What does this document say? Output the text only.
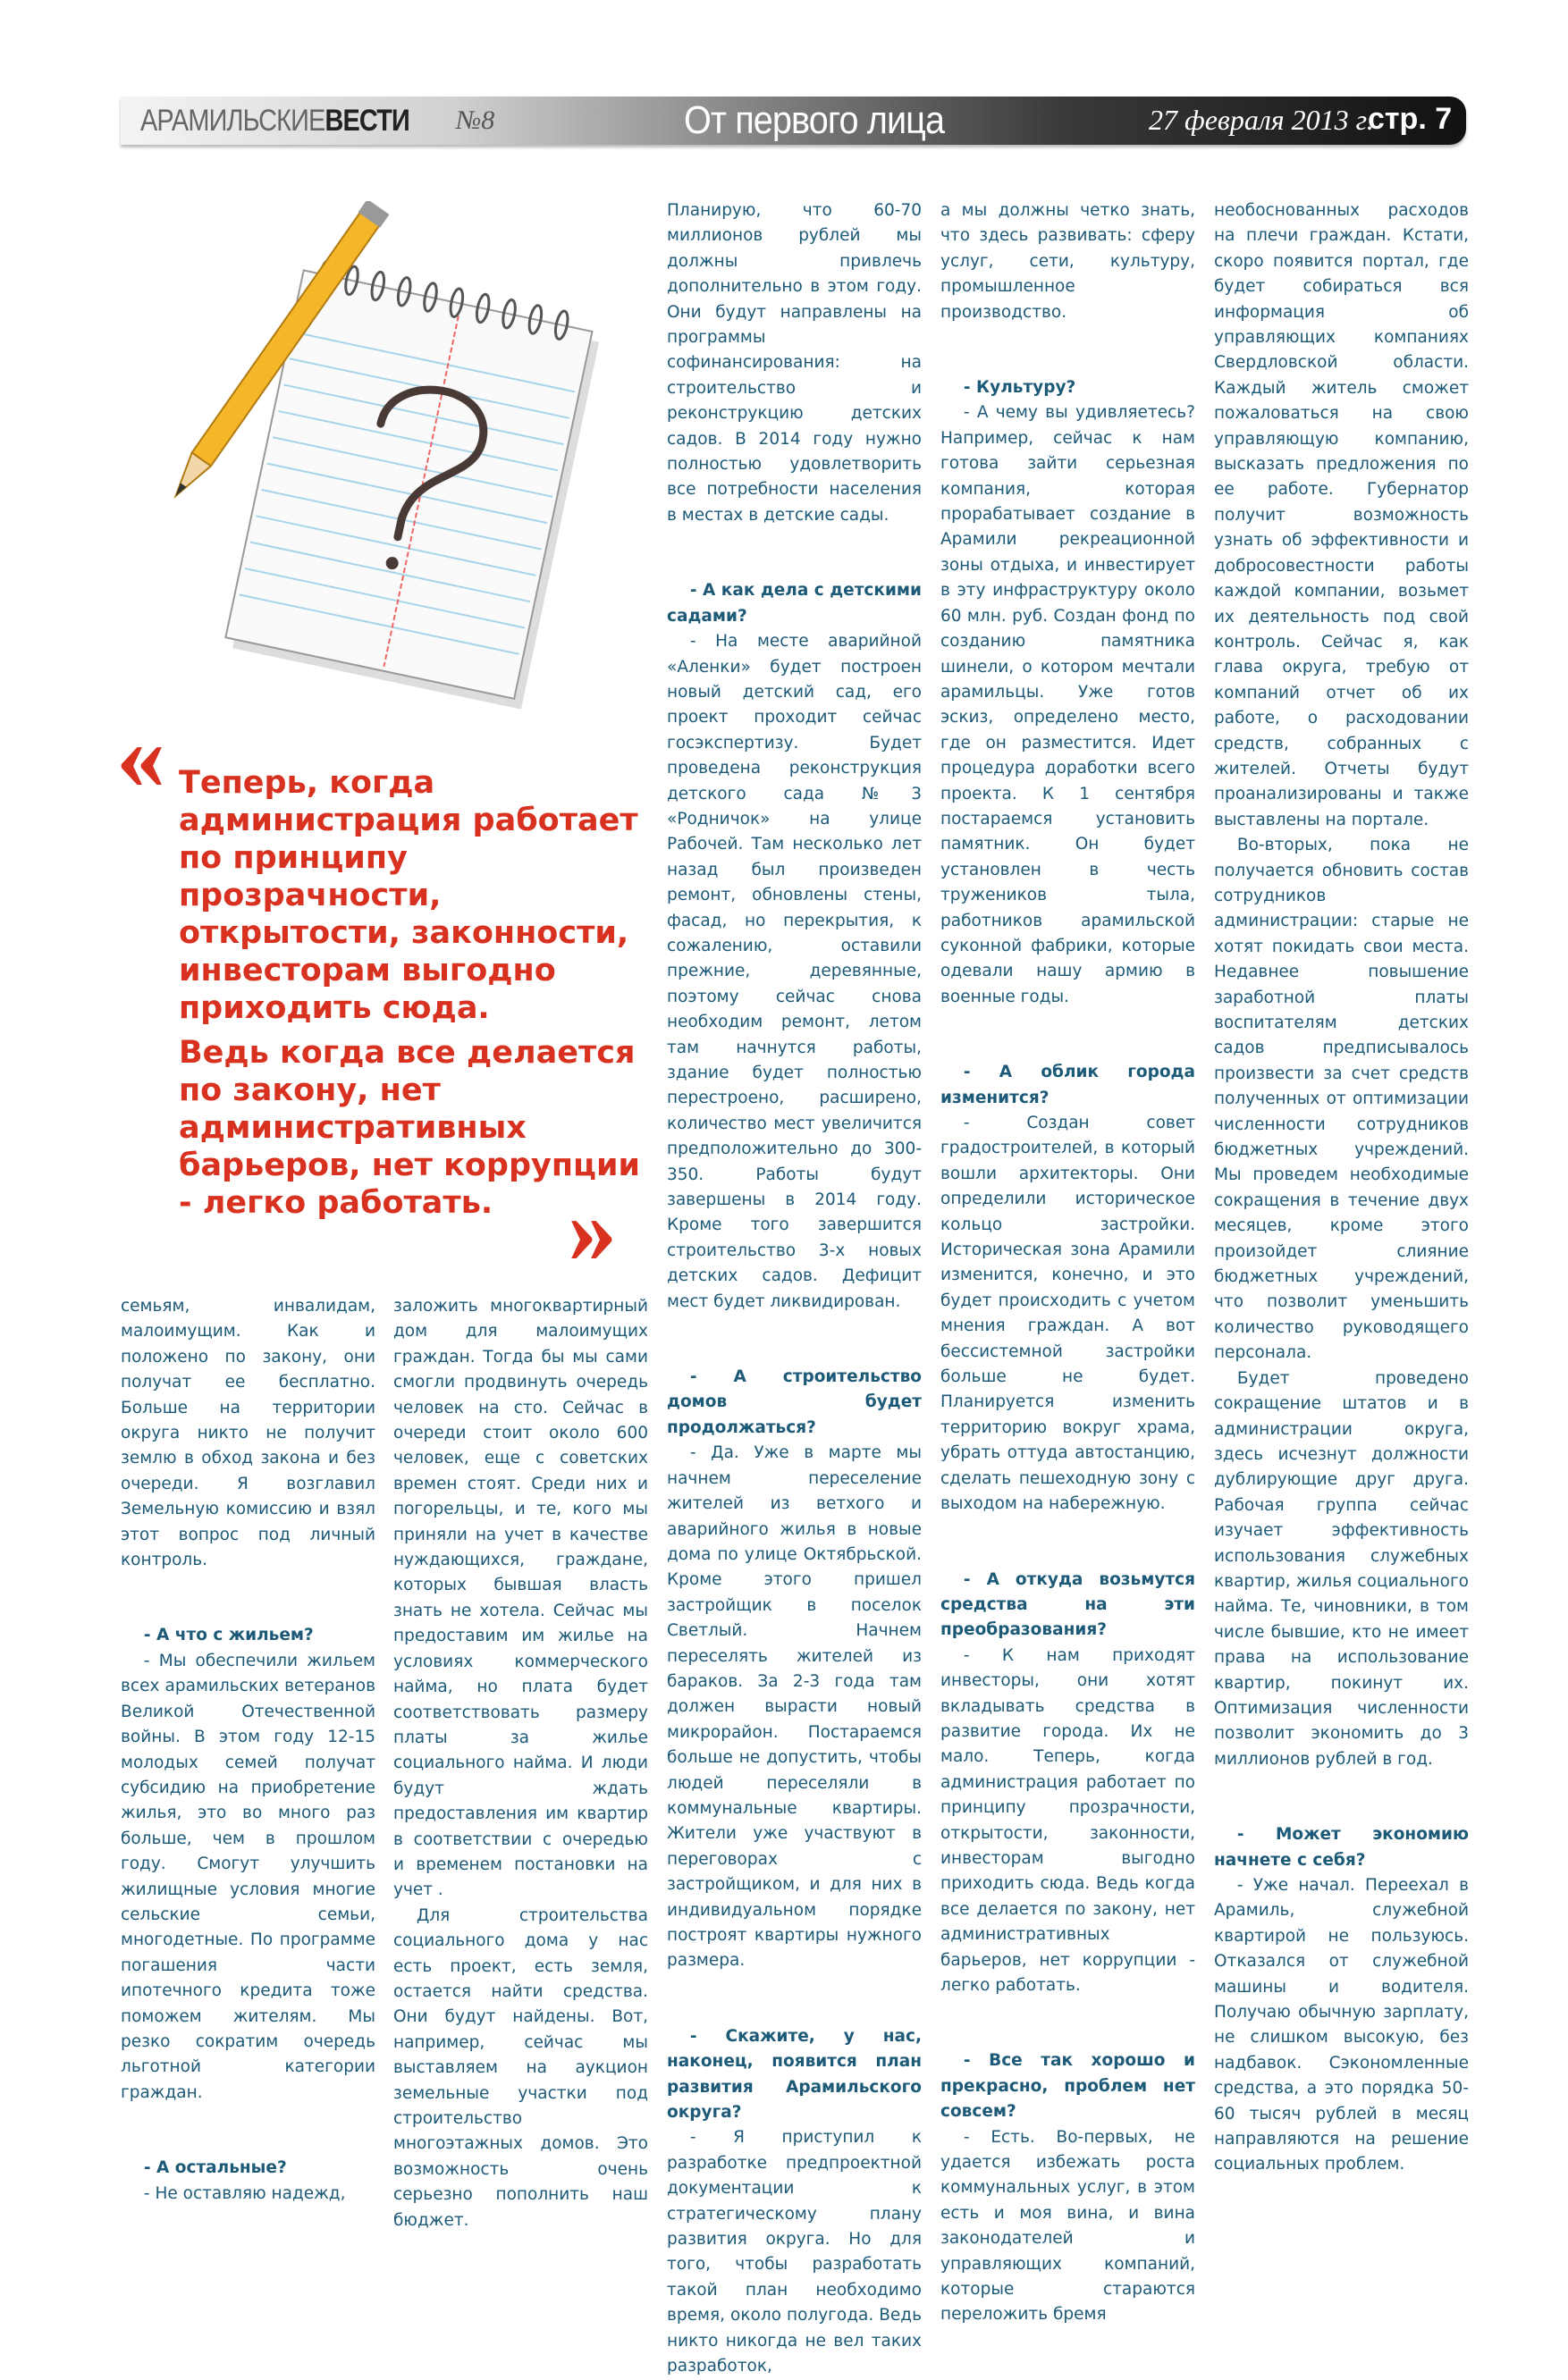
АРАМИЛЬСКИЕВЕСТИ №8	От первого лица	27 февраля 2013 г.
стр. 7
« Теперь, когда администрация работает по принципу прозрачности, открытости, законности, инвесторам выгодно приходить сюда.

Ведь когда все делается по закону, нет административных барьеров, нет коррупции - легко работать. »

семьям, инвалидам, малоимущим. Как и положено по закону, они получат ее бесплатно. Больше на территории округа никто не получит землю в обход закона и без очереди. Я возглавил Земельную комиссию и взял этот вопрос под личный контроль.

- А что с жильем?

- Мы обеспечили жильем всех арамильских ветеранов Великой Отечественной войны. В этом году 12-15 молодых семей получат субсидию на приобретение жилья, это во много раз больше, чем в прошлом году. Смогут улучшить жилищные условия многие сельские семьи, многодетные. По программе погашения части ипотечного кредита тоже поможем жителям. Мы резко сократим очередь льготной категории граждан.

- А остальные?

- Не оставляю надежд,

заложить многоквартирный дом для малоимущих граждан. Тогда бы мы сами смогли продвинуть очередь человек на сто. Сейчас в очереди стоит около 600 человек, еще с советских времен стоят. Среди них и погорельцы, и те, кого мы приняли на учет в качестве нуждающихся, граждане, которых бывшая власть знать не хотела. Сейчас мы предоставим им жилье на условиях коммерческого найма, но плата будет соответствовать размеру платы за жилье социального найма. И люди будут ждать предоставления им квартир в соответствии с очередью и временем постановки на учет .

Для строительства социального дома у нас есть проект, есть земля, остается найти средства. Они будут найдены. Вот, например, сейчас мы выставляем на аукцион земельные участки под строительство многоэтажных домов. Это возможность очень серьезно пополнить наш бюджет.

Планирую, что 60-70 миллионов рублей мы должны привлечь дополнительно в этом году. Они будут направлены на программы софинансирования: на строительство и реконструкцию детских садов. В 2014 году нужно полностью удовлетворить все потребности населения в местах в детские сады.

- А как дела с детскими садами?

- На месте аварийной «Аленки» будет построен новый детский сад, его проект проходит сейчас госэкспертизу. Будет проведена реконструкция детского сада №3 «Родничок» на улице Рабочей. Там несколько лет назад был произведен ремонт, обновлены стены, фасад, но перекрытия, к сожалению, оставили прежние, деревянные, поэтому сейчас снова необходим ремонт, летом там начнутся работы, здание будет полностью перестроено, расширено, количество мест увеличится предположительно до 300-350. Работы будут завершены в 2014 году. Кроме того завершится строительство 3-х новых детских садов. Дефицит мест будет ликвидирован.

- А строительство домов будет продолжаться?

- Да. Уже в марте мы начнем переселение жителей из ветхого и аварийного жилья в новые дома по улице Октябрьской. Кроме этого пришел застройщик в поселок Светлый. Начнем переселять жителей из бараков. За 2-3 года там должен вырасти новый микрорайон. Постараемся больше не допустить, чтобы людей переселяли в коммунальные квартиры. Жители уже участвуют в переговорах с застройщиком, и для них в индивидуальном порядке построят квартиры нужного размера.

- Скажите, у нас, наконец, появится план развития Арамильского округа?

- Я приступил к разработке предпроектной документации к стратегическому плану развития округа. Но для того, чтобы разработать такой план необходимо время, около полугода. Ведь никто никогда не вел таких разработок,

а мы должны четко знать, что здесь развивать: сферу услуг, сети, культуру, промышленное производство.

- Культуру?

- А чему вы удивляетесь? Например, сейчас к нам готова зайти серьезная компания, которая прорабатывает создание в Арамили рекреационной зоны отдыха, и инвестирует в эту инфраструктуру около 60 млн. руб. Создан фонд по созданию памятника шинели, о котором мечтали арамильцы. Уже готов эскиз, определено место, где он разместится. Идет процедура доработки всего проекта. К 1 сентября постараемся установить памятник. Он будет установлен в честь тружеников тыла, работников арамильской суконной фабрики, которые одевали нашу армию в военные годы.

- А облик города изменится?

- Создан совет градостроителей, в который вошли архитекторы. Они определили историческое кольцо застройки. Историческая зона Арамили изменится, конечно, и это будет происходить с учетом мнения граждан. А вот бессистемной застройки больше не будет. Планируется изменить территорию вокруг храма, убрать оттуда автостанцию, сделать пешеходную зону с выходом на набережную.

- А откуда возьмутся средства на эти преобразования?

- К нам приходят инвесторы, они хотят вкладывать средства в развитие города. Их не мало. Теперь, когда администрация работает по принципу прозрачности, открытости, законности, инвесторам выгодно приходить сюда. Ведь когда все делается по закону, нет административных барьеров, нет коррупции - легко работать.

- Все так хорошо и прекрасно, проблем нет совсем?

- Есть. Во-первых, не удается избежать роста коммунальных услуг, в этом есть и моя вина, и вина законодателей и управляющих компаний, которые стараются переложить бремя

необоснованных расходов на плечи граждан. Кстати, скоро появится портал, где будет собираться вся информация об управляющих компаниях Свердловской области. Каждый житель сможет пожаловаться на свою управляющую компанию, высказать предложения по ее работе. Губернатор получит возможность узнать об эффективности и добросовестности работы каждой компании, возьмет их деятельность под свой контроль. Сейчас я, как глава округа, требую от компаний отчет об их работе, о расходовании средств, собранных с жителей. Отчеты будут проанализированы и также выставлены на портале.

Во-вторых, пока не получается обновить состав сотрудников администрации: старые не хотят покидать свои места. Недавнее повышение заработной платы воспитателям детских садов предписывалось произвести за счет средств полученных от оптимизации численности сотрудников бюджетных учреждений. Мы проведем необходимые сокращения в течение двух месяцев, кроме этого произойдет слияние бюджетных учреждений, что позволит уменьшить количество руководящего персонала.

Будет проведено сокращение штатов и в администрации округа, здесь исчезнут должности дублирующие друг друга. Рабочая группа сейчас изучает эффективность использования служебных квартир, жилья социального найма. Те, чиновники, в том числе бывшие, кто не имеет права на использование квартир, покинут их. Оптимизация численности позволит экономить до 3 миллионов рублей в год.

- Может экономию начнете с себя?

- Уже начал. Переехал в Арамиль, служебной квартирой не пользуюсь. Отказался от служебной машины и водителя. Получаю обычную зарплату, не слишком высокую, без надбавок. Сэкономленные средства, а это порядка 50-60 тысяч рублей в месяц направляются на решение социальных проблем.
